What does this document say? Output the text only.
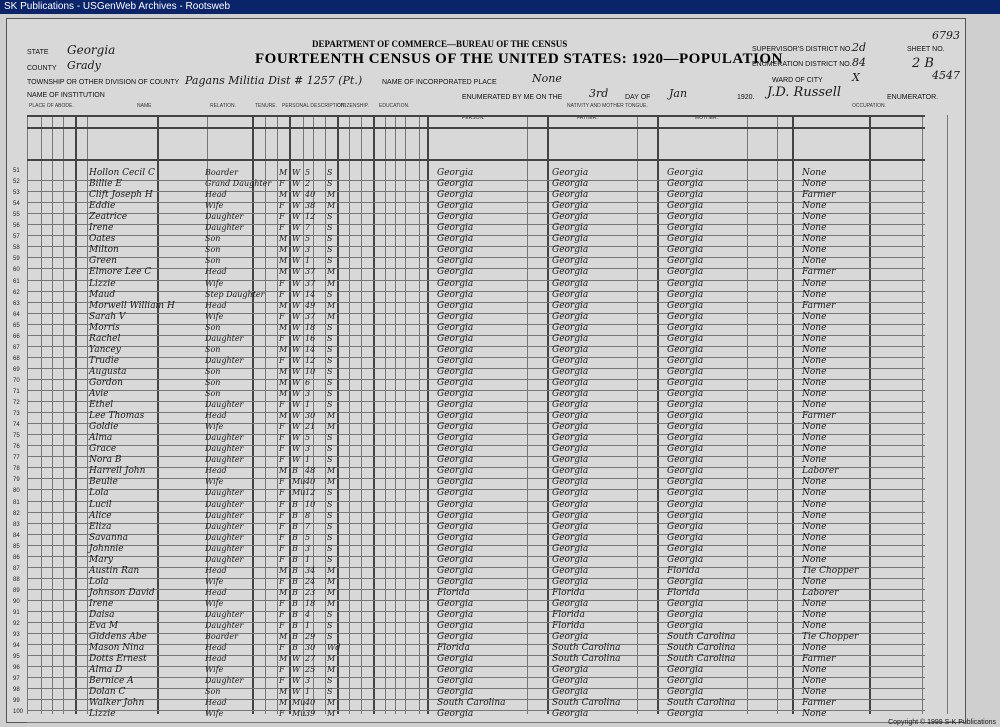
SK Publications - USGenWeb Archives - Rootsweb
DEPARTMENT OF COMMERCE—BUREAU OF THE CENSUS
FOURTEENTH CENSUS OF THE UNITED STATES: 1920—POPULATION
STATE Georgia
COUNTY Grady
TOWNSHIP OR OTHER DIVISION OF COUNTY Pagans Militia Dist # 1257 (Pt.)
NAME OF INSTITUTION
NAME OF INCORPORATED PLACE	None
SUPERVISOR'S DISTRICT NO. 2d
ENUMERATION DISTRICT NO. 84
WARD OF CITY	X
SHEET NO.
2 B
6793
4547
ENUMERATED BY ME ON THE 3rd DAY OF Jan	1920. J.D. Russell	ENUMERATOR.
PLACE OF ABODE.	NAME	RELATION.	TENURE. PERSONAL DESCRIPTION.
CITIZENSHIP. EDUCATION.	NATIVITY AND MOTHER TONGUE.
PERSON.	FATHER.	MOTHER.
OCCUPATION.
51	Hollon Cecil C	Boarder	M W 5 S	Georgia	Georgia	Georgia	None
52	Billie E	Grand Daughter F W 2 S	Georgia	Georgia	Georgia	None
53	Clift Joseph H	Head	M W 40 M	Georgia	Georgia	Georgia	Farmer
54	Eddie	Wife	F W 38 M	Georgia	Georgia	Georgia	None
55	Zeatrice	Daughter	F W 12 S	Georgia	Georgia	Georgia	None
56	Irene	Daughter	F W 7 S	Georgia	Georgia	Georgia	None
57	Oates	Son	M W 5 S	Georgia	Georgia	Georgia	None
58	Milton	Son	M W 3 S	Georgia	Georgia	Georgia	None
59	Green	Son	M W 1 S	Georgia	Georgia	Georgia	None
60	Elmore Lee C	Head	M W 37 M	Georgia	Georgia	Georgia	Farmer
61	Lizzie	Wife	F W 37 M	Georgia	Georgia	Georgia	None
62	Maud	Step Daughter F W 14 S	Georgia	Georgia	Georgia	None
63	Morwell William H	Head	M W 49 M	Georgia	Georgia	Georgia	Farmer
64	Sarah V	Wife	F W 37 M	Georgia	Georgia	Georgia	None
65	Morris	Son	M W 18 S	Georgia	Georgia	Georgia	None
66	Rachel	Daughter	F W 16 S	Georgia	Georgia	Georgia	None
67	Yancey	Son	M W 14 S	Georgia	Georgia	Georgia	None
68	Trudie	Daughter	F W 12 S	Georgia	Georgia	Georgia	None
69	Augusta	Son	M W 10 S	Georgia	Georgia	Georgia	None
70	Gordon	Son	M W 6 S	Georgia	Georgia	Georgia	None
71	Avie	Son	M W 3 S	Georgia	Georgia	Georgia	None
72	Ethel	Daughter	F W 1 S	Georgia	Georgia	Georgia	None
73	Lee Thomas	Head	M W 30 M	Georgia	Georgia	Georgia	Farmer
74	Goldie	Wife	F W 21 M	Georgia	Georgia	Georgia	None
75	Alma	Daughter	F W 5 S	Georgia	Georgia	Georgia	None
76	Grace	Daughter	F W 3 S	Georgia	Georgia	Georgia	None
77	Nora B	Daughter	F W 1 S	Georgia	Georgia	Georgia	None
78	Harrell John	Head	M B 48 M	Georgia	Georgia	Georgia	Laborer
79	Beulie	Wife	F Mu 40 M	Georgia	Georgia	Georgia	None
80	Lola	Daughter	F Mu 12 S	Georgia	Georgia	Georgia	None
81	Lucil	Daughter	F B 10 S	Georgia	Georgia	Georgia	None
82	Alice	Daughter	F B 8 S	Georgia	Georgia	Georgia	None
83	Eliza	Daughter	F B 7 S	Georgia	Georgia	Georgia	None
84	Savanna	Daughter	F B 5 S	Georgia	Georgia	Georgia	None
85	Johnnie	Daughter	F B 3 S	Georgia	Georgia	Georgia	None
86	Mary	Daughter	F B 1 S	Georgia	Georgia	Georgia	None
87	Austin Ran	Head	M B 34 M	Georgia	Georgia	Florida	Tie Chopper
88	Lola	Wife	F B 24 M	Georgia	Georgia	Georgia	None
89	Johnson David	Head	M B 23 M	Florida	Florida	Florida	Laborer
90	Irene	Wife	F B 18 M	Georgia	Georgia	Georgia	None
91	Daisa	Daughter	F B 4 S	Georgia	Florida	Georgia	None
92	Eva M	Daughter	F B 1 S	Georgia	Florida	Georgia	None
93	Giddens Abe	Boarder	M B 29 S	Georgia	Georgia	South Carolina	Tie Chopper
94	Mason Nina	Head	F B 30 Wd	Florida	South Carolina	South Carolina	None
95	Dotts Ernest	Head	M W 27 M	Georgia	South Carolina	South Carolina	Farmer
96	Alma D	Wife	F W 25 M	Georgia	Georgia	Georgia	None
97	Bernice A	Daughter	F W 3 S	Georgia	Georgia	Georgia	None
98	Dolan C	Son	M W 1 S	Georgia	Georgia	Georgia	None
99	Walker John	Head	M Mu 40 M	South Carolina	South Carolina	South Carolina	Farmer
100	Lizzie	Wife	F Mu 39 M	Georgia	Georgia	Georgia	None
Copyright © 1999 S-K Publications
